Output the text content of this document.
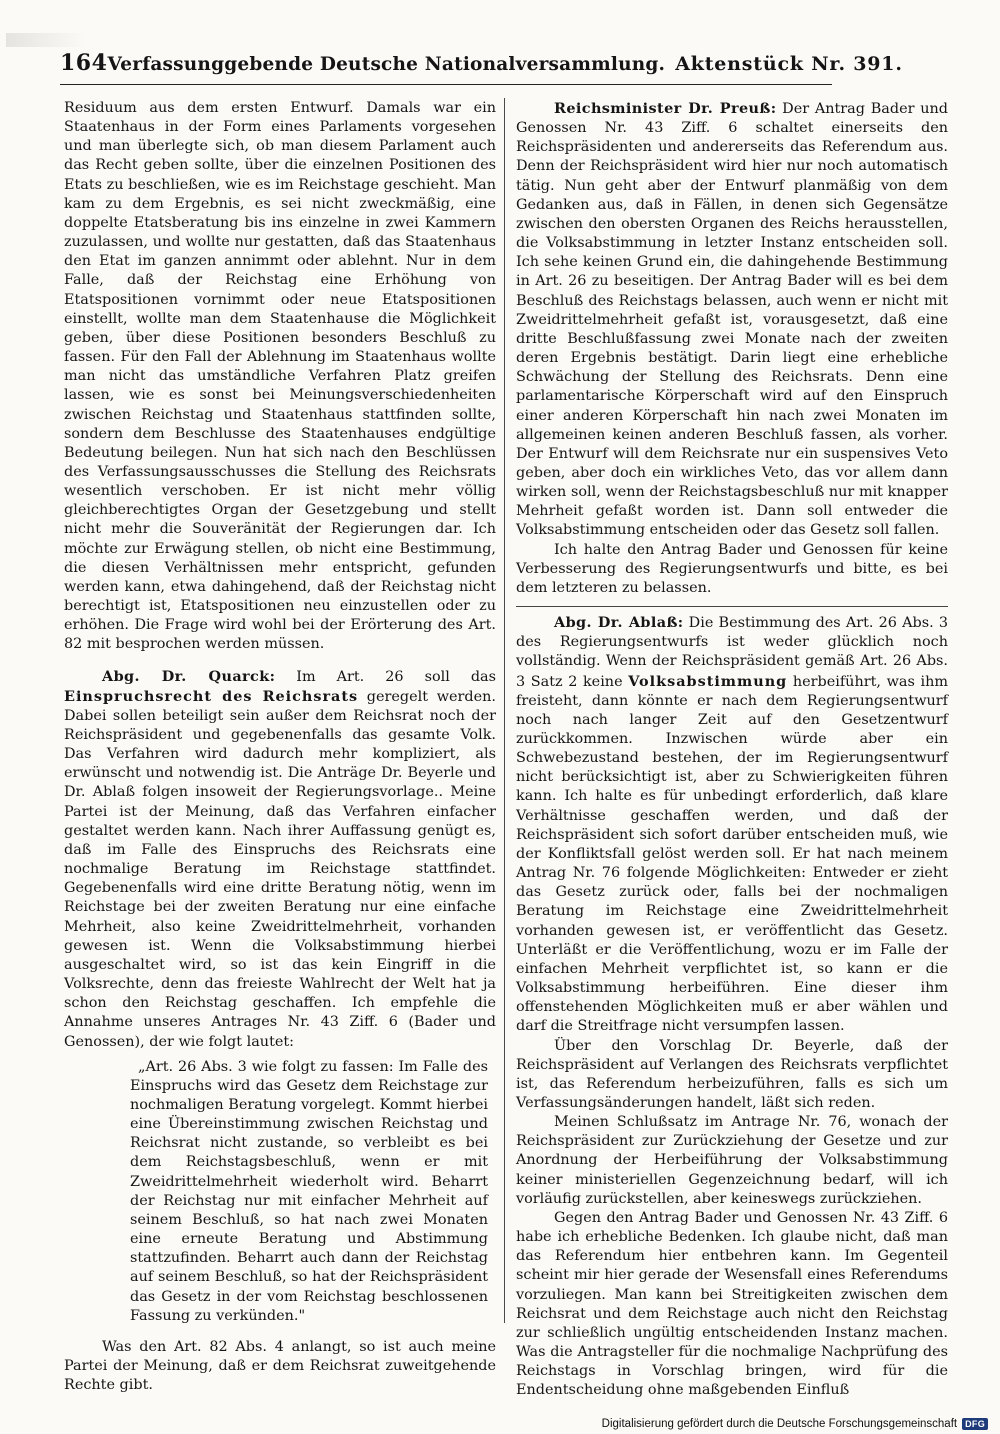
164 Verfassunggebende Deutsche Nationalversammlung. Aktenstück Nr. 391.

Residuum aus dem ersten Entwurf. Damals war ein Staatenhaus in der Form eines Parlaments vorgesehen und man überlegte sich, ob man diesem Parlament auch das Recht geben sollte, über die einzelnen Positionen des Etats zu beschließen, wie es im Reichstage geschieht. Man kam zu dem Ergebnis, es sei nicht zweckmäßig, eine doppelte Etatsberatung bis ins einzelne in zwei Kammern zuzulassen, und wollte nur gestatten, daß das Staatenhaus den Etat im ganzen annimmt oder ablehnt. Nur in dem Falle, daß der Reichstag eine Erhöhung von Etatspositionen vornimmt oder neue Etatspositionen einstellt, wollte man dem Staatenhause die Möglichkeit geben, über diese Positionen besonders Beschluß zu fassen. Für den Fall der Ablehnung im Staatenhaus wollte man nicht das umständliche Verfahren Platz greifen lassen, wie es sonst bei Meinungsverschiedenheiten zwischen Reichstag und Staatenhaus stattfinden sollte, sondern dem Beschlusse des Staatenhauses endgültige Bedeutung beilegen. Nun hat sich nach den Beschlüssen des Verfassungsausschusses die Stellung des Reichsrats wesentlich verschoben. Er ist nicht mehr völlig gleichberechtigtes Organ der Gesetzgebung und stellt nicht mehr die Souveränität der Regierungen dar. Ich möchte zur Erwägung stellen, ob nicht eine Bestimmung, die diesen Verhältnissen mehr entspricht, gefunden werden kann, etwa dahingehend, daß der Reichstag nicht berechtigt ist, Etatspositionen neu einzustellen oder zu erhöhen. Die Frage wird wohl bei der Erörterung des Art. 82 mit besprochen werden müssen.

Abg. Dr. Quarck: Im Art. 26 soll das Einspruchsrecht des Reichsrats geregelt werden. Dabei sollen beteiligt sein außer dem Reichsrat noch der Reichspräsident und gegebenenfalls das gesamte Volk. Das Verfahren wird dadurch mehr kompliziert, als erwünscht und notwendig ist. Die Anträge Dr. Beyerle und Dr. Ablaß folgen insoweit der Regierungsvorlage.. Meine Partei ist der Meinung, daß das Verfahren einfacher gestaltet werden kann. Nach ihrer Auffassung genügt es, daß im Falle des Einspruchs des Reichsrats eine nochmalige Beratung im Reichstage stattfindet. Gegebenenfalls wird eine dritte Beratung nötig, wenn im Reichstage bei der zweiten Beratung nur eine einfache Mehrheit, also keine Zweidrittelmehrheit, vorhanden gewesen ist. Wenn die Volksabstimmung hierbei ausgeschaltet wird, so ist das kein Eingriff in die Volksrechte, denn das freieste Wahlrecht der Welt hat ja schon den Reichstag geschaffen. Ich empfehle die Annahme unseres Antrages Nr. 43 Ziff. 6 (Bader und Genossen), der wie folgt lautet:

„Art. 26 Abs. 3 wie folgt zu fassen: Im Falle des Einspruchs wird das Gesetz dem Reichstage zur nochmaligen Beratung vorgelegt. Kommt hierbei eine Übereinstimmung zwischen Reichstag und Reichsrat nicht zustande, so verbleibt es bei dem Reichstagsbeschluß, wenn er mit Zweidrittelmehrheit wiederholt wird. Beharrt der Reichstag nur mit einfacher Mehrheit auf seinem Beschluß, so hat nach zwei Monaten eine erneute Beratung und Abstimmung stattzufinden. Beharrt auch dann der Reichstag auf seinem Beschluß, so hat der Reichspräsident das Gesetz in der vom Reichstag beschlossenen Fassung zu verkünden."

Was den Art. 82 Abs. 4 anlangt, so ist auch meine Partei der Meinung, daß er dem Reichsrat zuweitgehende Rechte gibt.

Reichsminister Dr. Preuß: Der Antrag Bader und Genossen Nr. 43 Ziff. 6 schaltet einerseits den Reichspräsidenten und andererseits das Referendum aus. Denn der Reichspräsident wird hier nur noch automatisch tätig. Nun geht aber der Entwurf planmäßig von dem Gedanken aus, daß in Fällen, in denen sich Gegensätze zwischen den obersten Organen des Reichs herausstellen, die Volksabstimmung in letzter Instanz entscheiden soll. Ich sehe keinen Grund ein, die dahingehende Bestimmung in Art. 26 zu beseitigen. Der Antrag Bader will es bei dem Beschluß des Reichstags belassen, auch wenn er nicht mit Zweidrittelmehrheit gefaßt ist, vorausgesetzt, daß eine dritte Beschlußfassung zwei Monate nach der zweiten deren Ergebnis bestätigt. Darin liegt eine erhebliche Schwächung der Stellung des Reichsrats. Denn eine parlamentarische Körperschaft wird auf den Einspruch einer anderen Körperschaft hin nach zwei Monaten im allgemeinen keinen anderen Beschluß fassen, als vorher. Der Entwurf will dem Reichsrate nur ein suspensives Veto geben, aber doch ein wirkliches Veto, das vor allem dann wirken soll, wenn der Reichstagsbeschluß nur mit knapper Mehrheit gefaßt worden ist. Dann soll entweder die Volksabstimmung entscheiden oder das Gesetz soll fallen.

Ich halte den Antrag Bader und Genossen für keine Verbesserung des Regierungsentwurfs und bitte, es bei dem letzteren zu belassen.

Abg. Dr. Ablaß: Die Bestimmung des Art. 26 Abs. 3 des Regierungsentwurfs ist weder glücklich noch vollständig. Wenn der Reichspräsident gemäß Art. 26 Abs. 3 Satz 2 keine Volksabstimmung herbeiführt, was ihm freisteht, dann könnte er nach dem Regierungsentwurf noch nach langer Zeit auf den Gesetzentwurf zurückkommen. Inzwischen würde aber ein Schwebezustand bestehen, der im Regierungsentwurf nicht berücksichtigt ist, aber zu Schwierigkeiten führen kann. Ich halte es für unbedingt erforderlich, daß klare Verhältnisse geschaffen werden, und daß der Reichspräsident sich sofort darüber entscheiden muß, wie der Konfliktsfall gelöst werden soll. Er hat nach meinem Antrag Nr. 76 folgende Möglichkeiten: Entweder er zieht das Gesetz zurück oder, falls bei der nochmaligen Beratung im Reichstage eine Zweidrittelmehrheit vorhanden gewesen ist, er veröffentlicht das Gesetz. Unterläßt er die Veröffentlichung, wozu er im Falle der einfachen Mehrheit verpflichtet ist, so kann er die Volksabstimmung herbeiführen. Eine dieser ihm offenstehenden Möglichkeiten muß er aber wählen und darf die Streitfrage nicht versumpfen lassen.

Über den Vorschlag Dr. Beyerle, daß der Reichspräsident auf Verlangen des Reichsrats verpflichtet ist, das Referendum herbeizuführen, falls es sich um Verfassungsänderungen handelt, läßt sich reden.

Meinen Schlußsatz im Antrage Nr. 76, wonach der Reichspräsident zur Zurückziehung der Gesetze und zur Anordnung der Herbeiführung der Volksabstimmung keiner ministeriellen Gegenzeichnung bedarf, will ich vorläufig zurückstellen, aber keineswegs zurückziehen.

Gegen den Antrag Bader und Genossen Nr. 43 Ziff. 6 habe ich erhebliche Bedenken. Ich glaube nicht, daß man das Referendum hier entbehren kann. Im Gegenteil scheint mir hier gerade der Wesensfall eines Referendums vorzuliegen. Man kann bei Streitigkeiten zwischen dem Reichsrat und dem Reichstage auch nicht den Reichstag zur schließlich ungültig entscheidenden Instanz machen. Was die Antragsteller für die nochmalige Nachprüfung des Reichstags in Vorschlag bringen, wird für die Endentscheidung ohne maßgebenden Einfluß

Digitalisierung gefördert durch die Deutsche Forschungsgemeinschaft DFG
